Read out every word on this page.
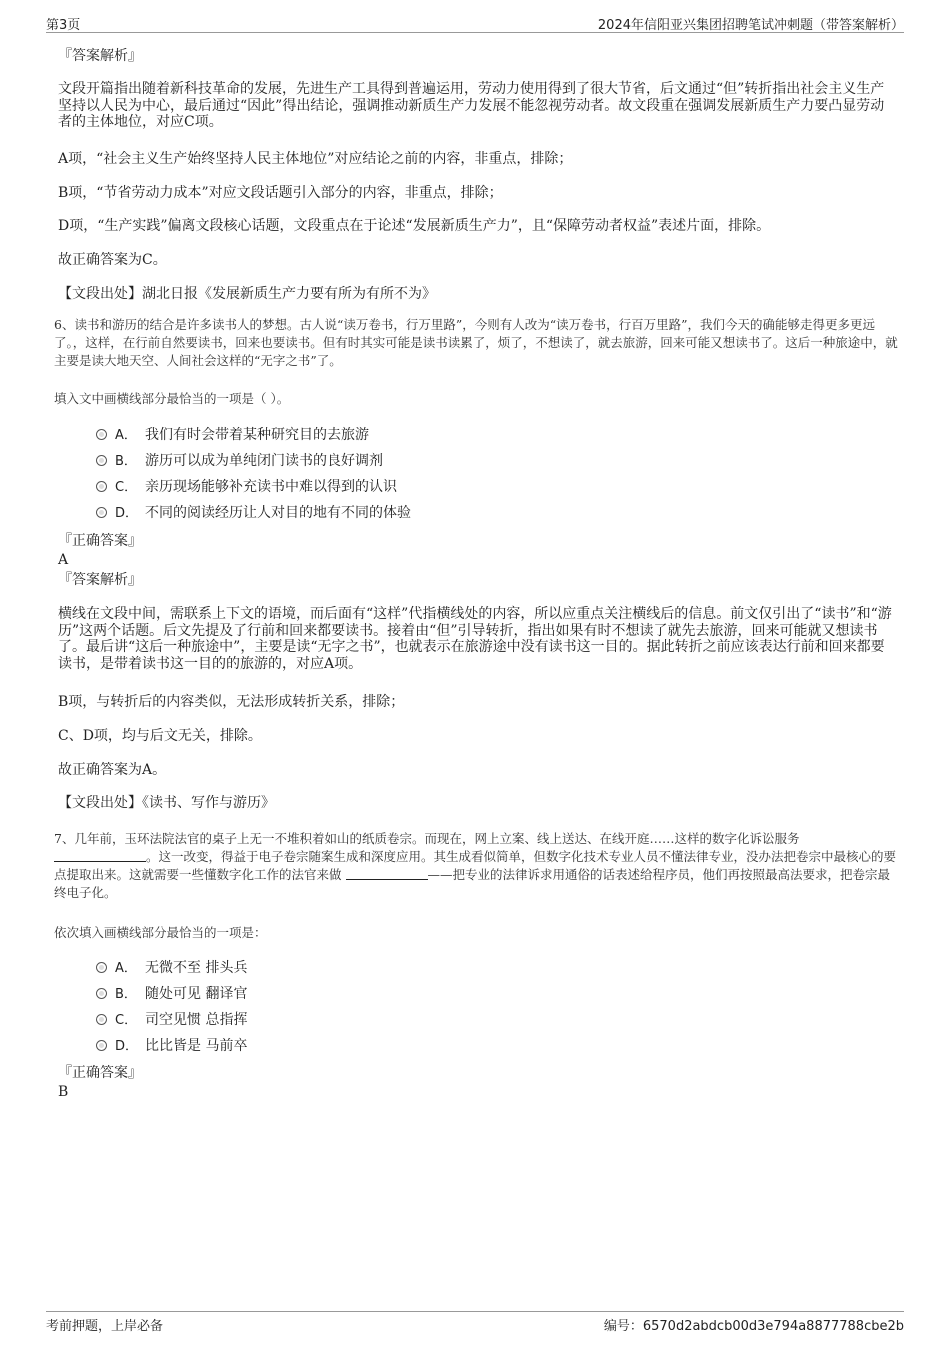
第3页	2024年信阳亚兴集团招聘笔试冲刺题（带答案解析）
『答案解析』
文段开篇指出随着新科技革命的发展，先进生产工具得到普遍运用，劳动力使用得到了很大节省，后文通过“但”转折指出社会主义生产坚持以人民为中心，最后通过“因此”得出结论，强调推动新质生产力发展不能忽视劳动者。故文段重在强调发展新质生产力要凸显劳动者的主体地位，对应C项。
A项，“社会主义生产始终坚持人民主体地位”对应结论之前的内容，非重点，排除；
B项，“节省劳动力成本”对应文段话题引入部分的内容，非重点，排除；
D项，“生产实践”偏离文段核心话题，文段重点在于论述“发展新质生产力”，且“保障劳动者权益”表述片面，排除。
故正确答案为C。
【文段出处】湖北日报《发展新质生产力要有所为有所不为》
6、读书和游历的结合是许多读书人的梦想。古人说“读万卷书，行万里路”，今则有人改为“读万卷书，行百万里路”，我们今天的确能够走得更多更远了。，这样，在行前自然要读书，回来也要读书。但有时其实可能是读书读累了，烦了，不想读了，就去旅游，回来可能又想读书了。这后一种旅途中，就主要是读大地天空、人间社会这样的“无字之书”了。
填入文中画横线部分最恰当的一项是（ ）。
A． 我们有时会带着某种研究目的去旅游
B． 游历可以成为单纯闭门读书的良好调剂
C． 亲历现场能够补充读书中难以得到的认识
D． 不同的阅读经历让人对目的地有不同的体验
『正确答案』
A
『答案解析』
横线在文段中间，需联系上下文的语境，而后面有“这样”代指横线处的内容，所以应重点关注横线后的信息。前文仅引出了“读书”和“游历”这两个话题。后文先提及了行前和回来都要读书。接着由“但”引导转折，指出如果有时不想读了就先去旅游，回来可能就又想读书了。最后讲“这后一种旅途中”，主要是读“无字之书”，也就表示在旅游途中没有读书这一目的。据此转折之前应该表达行前和回来都要读书，是带着读书这一目的的旅游的，对应A项。
B项，与转折后的内容类似，无法形成转折关系，排除；
C、D项，均与后文无关，排除。
故正确答案为A。
【文段出处】《读书、写作与游历》
7、几年前，玉环法院法官的桌子上无一不堆积着如山的纸质卷宗。而现在，网上立案、线上送达、在线开庭……这样的数字化诉讼服务
。这一改变，得益于电子卷宗随案生成和深度应用。其生成看似简单，但数字化技术专业人员不懂法律专业，没办法把卷宗中最核心的要点提取出来。这就需要一些懂数字化工作的法官来做	——把专业的法律诉求用通俗的话表述给程序员，他们再按照最高法要求，把卷宗最终电子化。
依次填入画横线部分最恰当的一项是：
A． 无微不至 排头兵
B． 随处可见 翻译官
C． 司空见惯 总指挥
D． 比比皆是 马前卒
『正确答案』
B
考前押题，上岸必备	编号：6570d2abdcb00d3e794a8877788cbe2b
